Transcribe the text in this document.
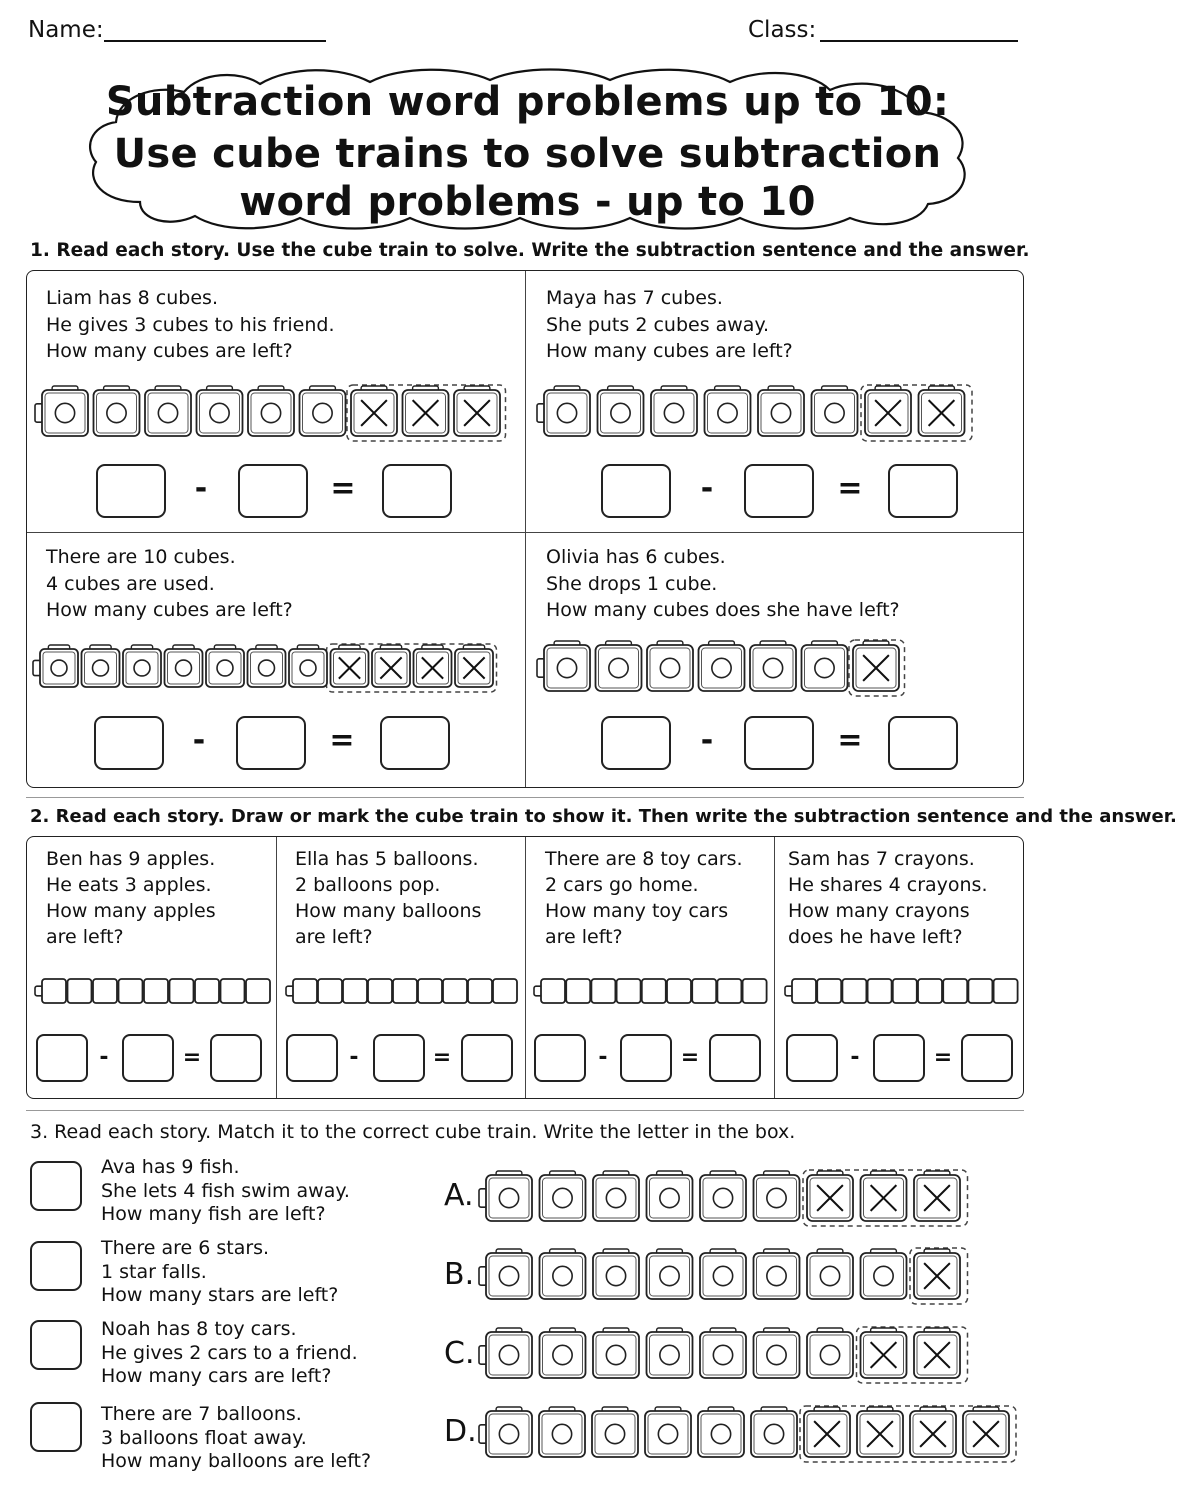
Name:	Class:
Subtraction word problems up to 10:
Use cube trains to solve subtraction
word problems - up to 10
1. Read each story. Use the cube train to solve. Write the subtraction sentence and the answer.
Liam has 8 cubes.
He gives 3 cubes to his friend.
How many cubes are left?
Maya has 7 cubes.
She puts 2 cubes away.
How many cubes are left?
There are 10 cubes.
4 cubes are used.
How many cubes are left?
Olivia has 6 cubes.
She drops 1 cube.
How many cubes does she have left?
-	=	-	=
-	=	-	=
2. Read each story. Draw or mark the cube train to show it. Then write the subtraction sentence and the answer.
Ben has 9 apples.
He eats 3 apples.
How many apples
are left?
Ella has 5 balloons.
2 balloons pop.
How many balloons
are left?
There are 8 toy cars.
2 cars go home.
How many toy cars
are left?
Sam has 7 crayons.
He shares 4 crayons.
How many crayons
does he have left?
-	=	-	=	-	=	-	=
3. Read each story. Match it to the correct cube train. Write the letter in the box.
Ava has 9 fish.
She lets 4 fish swim away.
How many fish are left?
There are 6 stars.
1 star falls.
How many stars are left?
Noah has 8 toy cars.
He gives 2 cars to a friend.
How many cars are left?
There are 7 balloons.
3 balloons float away.
How many balloons are left?
A.
B.
C.
D.
